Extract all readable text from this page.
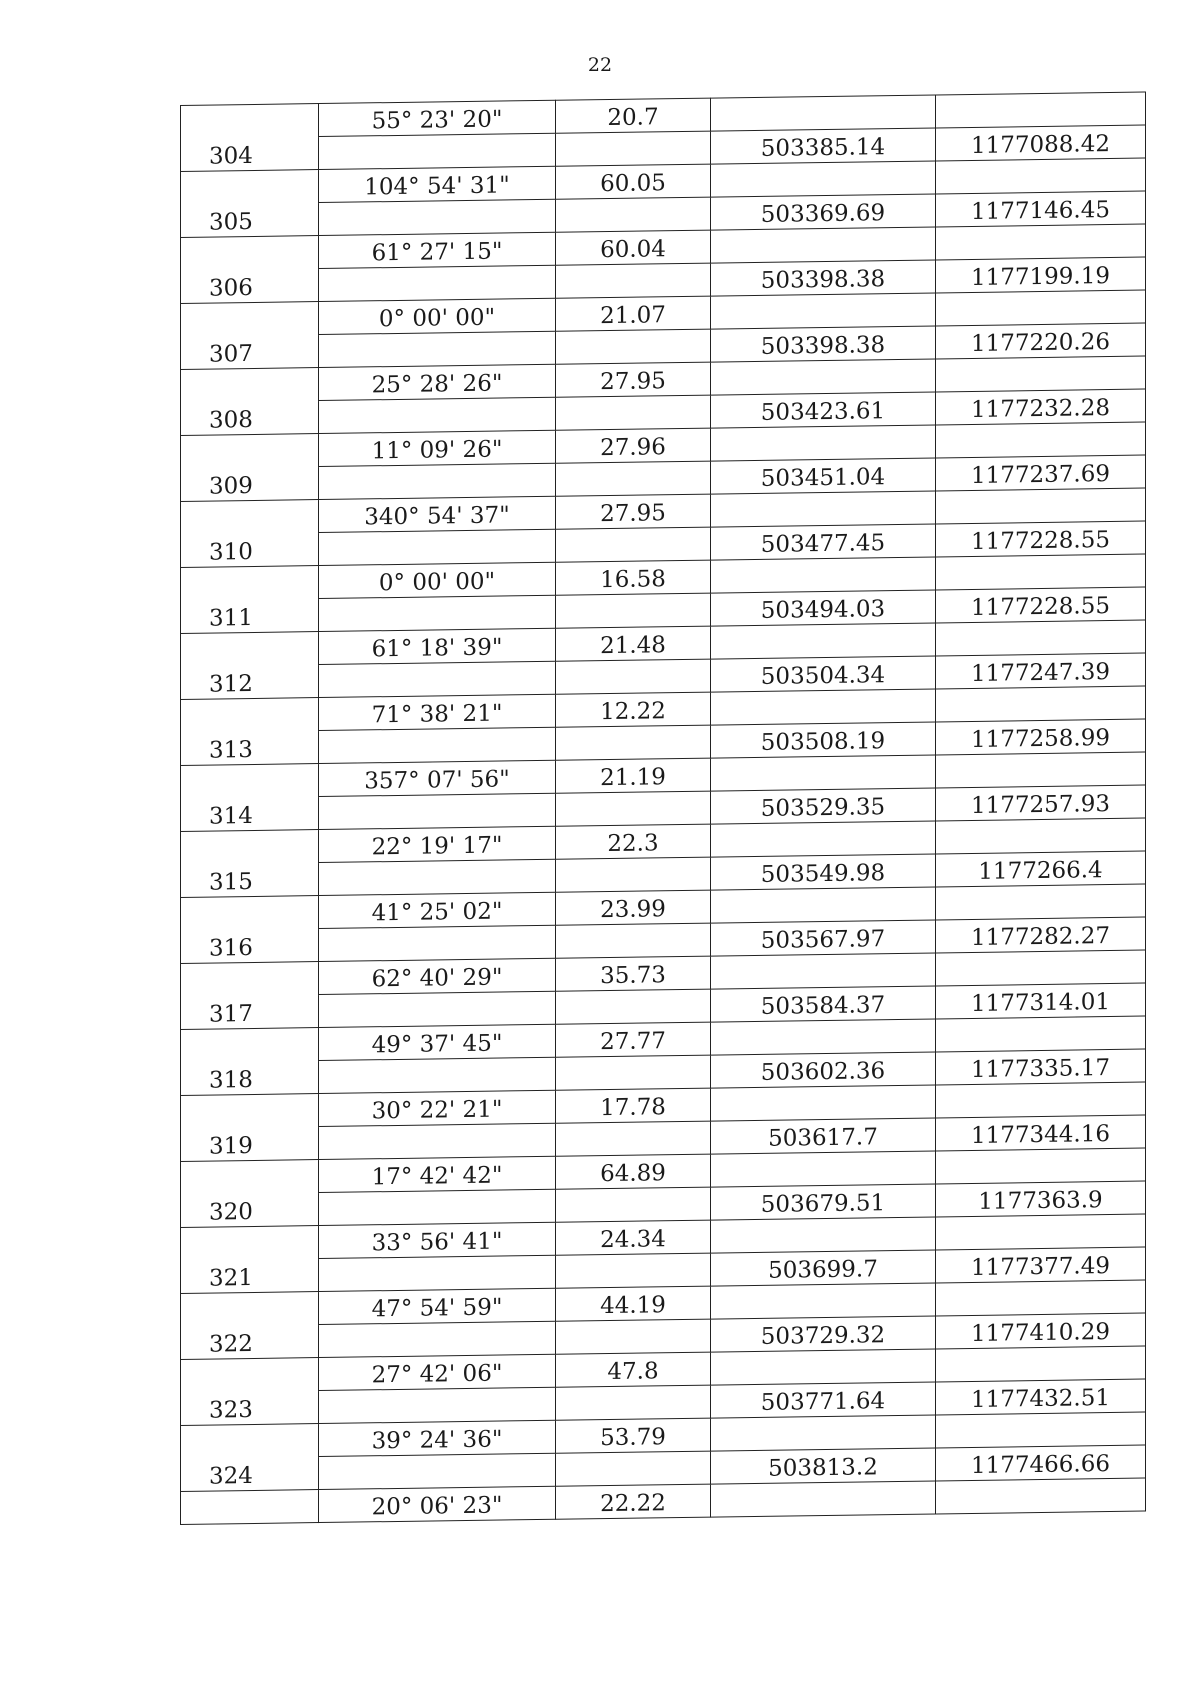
22
	55° 23' 20"	20.7		
304			503385.14	1177088.42
	104° 54' 31"	60.05		
305			503369.69	1177146.45
	61° 27' 15"	60.04		
306			503398.38	1177199.19
	0° 00' 00"	21.07		
307			503398.38	1177220.26
	25° 28' 26"	27.95		
308			503423.61	1177232.28
	11° 09' 26"	27.96		
309			503451.04	1177237.69
	340° 54' 37"	27.95		
310			503477.45	1177228.55
	0° 00' 00"	16.58		
311			503494.03	1177228.55
	61° 18' 39"	21.48		
312			503504.34	1177247.39
	71° 38' 21"	12.22		
313			503508.19	1177258.99
	357° 07' 56"	21.19		
314			503529.35	1177257.93
	22° 19' 17"	22.3		
315			503549.98	1177266.4
	41° 25' 02"	23.99		
316			503567.97	1177282.27
	62° 40' 29"	35.73		
317			503584.37	1177314.01
	49° 37' 45"	27.77		
318			503602.36	1177335.17
	30° 22' 21"	17.78		
319			503617.7	1177344.16
	17° 42' 42"	64.89		
320			503679.51	1177363.9
	33° 56' 41"	24.34		
321			503699.7	1177377.49
	47° 54' 59"	44.19		
322			503729.32	1177410.29
	27° 42' 06"	47.8		
323			503771.64	1177432.51
	39° 24' 36"	53.79		
324			503813.2	1177466.66
	20° 06' 23"	22.22		
